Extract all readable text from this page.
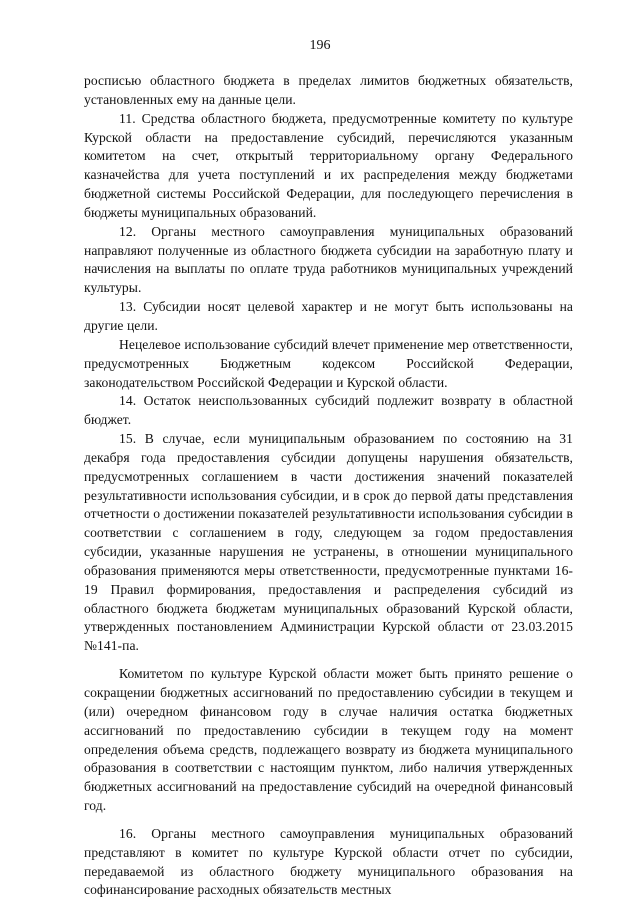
196

росписью областного бюджета в пределах лимитов бюджетных обязательств, установленных ему на данные цели.

11. Средства областного бюджета, предусмотренные комитету по культуре Курской области на предоставление субсидий, перечисляются указанным комитетом на счет, открытый территориальному органу Федерального казначейства для учета поступлений и их распределения между бюджетами бюджетной системы Российской Федерации, для последующего перечисления в бюджеты муниципальных образований.

12. Органы местного самоуправления муниципальных образований направляют полученные из областного бюджета субсидии на заработную плату и начисления на выплаты по оплате труда работников муниципальных учреждений культуры.

13. Субсидии носят целевой характер и не могут быть использованы на другие цели.

Нецелевое использование субсидий влечет применение мер ответственности, предусмотренных Бюджетным кодексом Российской Федерации, законодательством Российской Федерации и Курской области.

14. Остаток неиспользованных субсидий подлежит возврату в областной бюджет.

15. В случае, если муниципальным образованием по состоянию на 31 декабря года предоставления субсидии допущены нарушения обязательств, предусмотренных соглашением в части достижения значений показателей результативности использования субсидии, и в срок до первой даты представления отчетности о достижении показателей результативности использования субсидии в соответствии с соглашением в году, следующем за годом предоставления субсидии, указанные нарушения не устранены, в отношении муниципального образования применяются меры ответственности, предусмотренные пунктами 16-19 Правил формирования, предоставления и распределения субсидий из областного бюджета бюджетам муниципальных образований Курской области, утвержденных постановлением Администрации Курской области от 23.03.2015 №141-па.

Комитетом по культуре Курской области может быть принято решение о сокращении бюджетных ассигнований по предоставлению субсидии в текущем и (или) очередном финансовом году в случае наличия остатка бюджетных ассигнований по предоставлению субсидии в текущем году на момент определения объема средств, подлежащего возврату из бюджета муниципального образования в соответствии с настоящим пунктом, либо наличия утвержденных бюджетных ассигнований на предоставление субсидий на очередной финансовый год.

16. Органы местного самоуправления муниципальных образований представляют в комитет по культуре Курской области отчет по субсидии, передаваемой из областного бюджету муниципального образования на софинансирование расходных обязательств местных
